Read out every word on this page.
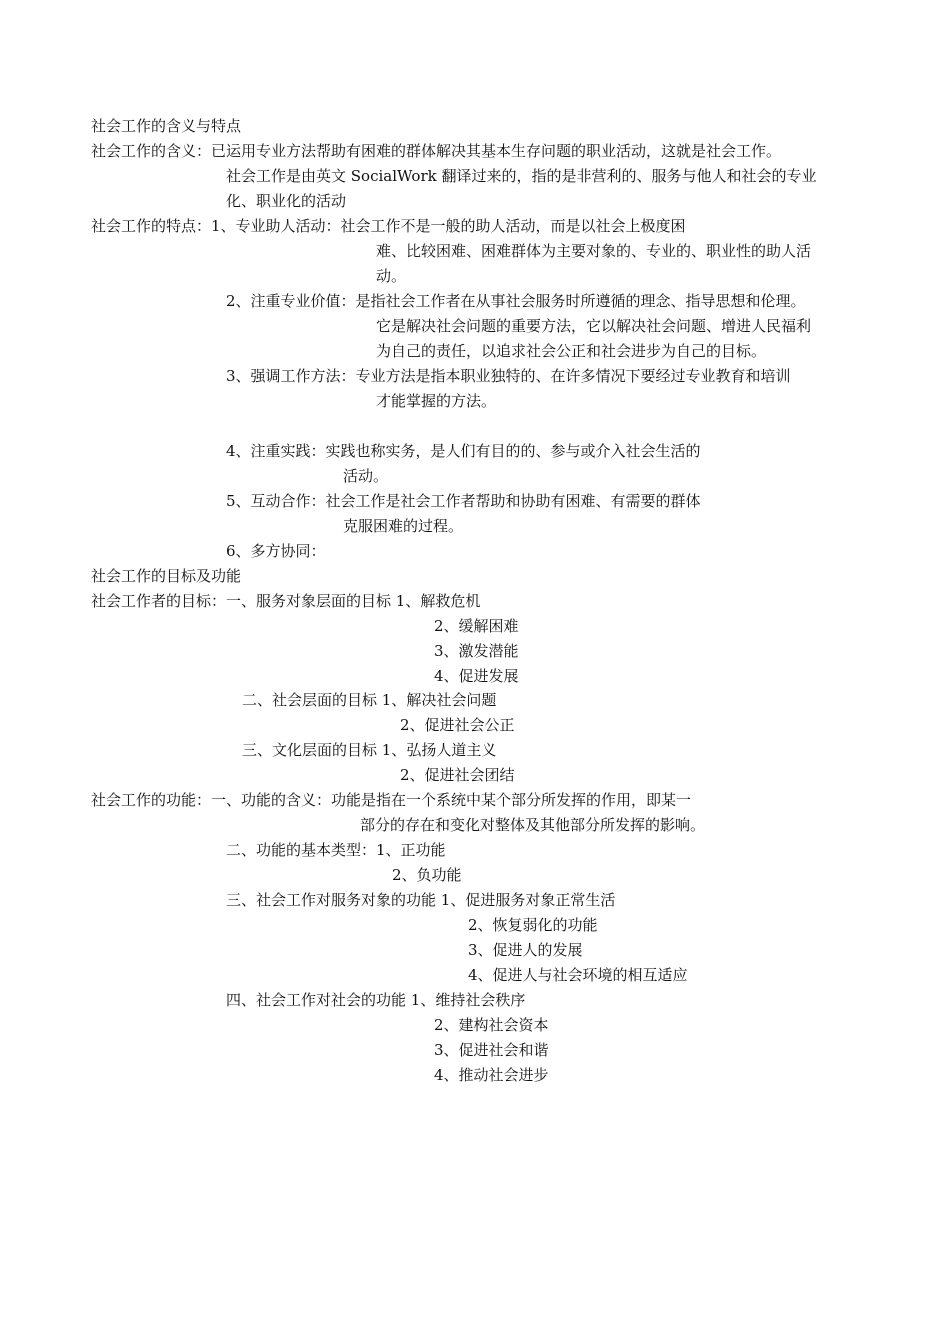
社会工作的含义与特点
社会工作的含义：已运用专业方法帮助有困难的群体解决其基本生存问题的职业活动，这就是社会工作。
社会工作是由英文 SocialWork 翻译过来的，指的是非营利的、服务与他人和社会的专业
化、职业化的活动
社会工作的特点：1、专业助人活动：社会工作不是一般的助人活动，而是以社会上极度困
难、比较困难、困难群体为主要对象的、专业的、职业性的助人活
动。
2、注重专业价值：是指社会工作者在从事社会服务时所遵循的理念、指导思想和伦理。
它是解决社会问题的重要方法，它以解决社会问题、增进人民福利
为自己的责任，以追求社会公正和社会进步为自己的目标。
3、强调工作方法：专业方法是指本职业独特的、在许多情况下要经过专业教育和培训
才能掌握的方法。
4、注重实践：实践也称实务，是人们有目的的、参与或介入社会生活的
活动。
5、互动合作：社会工作是社会工作者帮助和协助有困难、有需要的群体
克服困难的过程。
6、多方协同：
社会工作的目标及功能
社会工作者的目标：一、服务对象层面的目标 1、解救危机
2、缓解困难
3、激发潜能
4、促进发展
二、社会层面的目标 1、解决社会问题
2、促进社会公正
三、文化层面的目标 1、弘扬人道主义
2、促进社会团结
社会工作的功能：一、功能的含义：功能是指在一个系统中某个部分所发挥的作用，即某一
部分的存在和变化对整体及其他部分所发挥的影响。
二、功能的基本类型：1、正功能
2、负功能
三、社会工作对服务对象的功能 1、促进服务对象正常生活
2、恢复弱化的功能
3、促进人的发展
4、促进人与社会环境的相互适应
四、社会工作对社会的功能 1、维持社会秩序
2、建构社会资本
3、促进社会和谐
4、推动社会进步
